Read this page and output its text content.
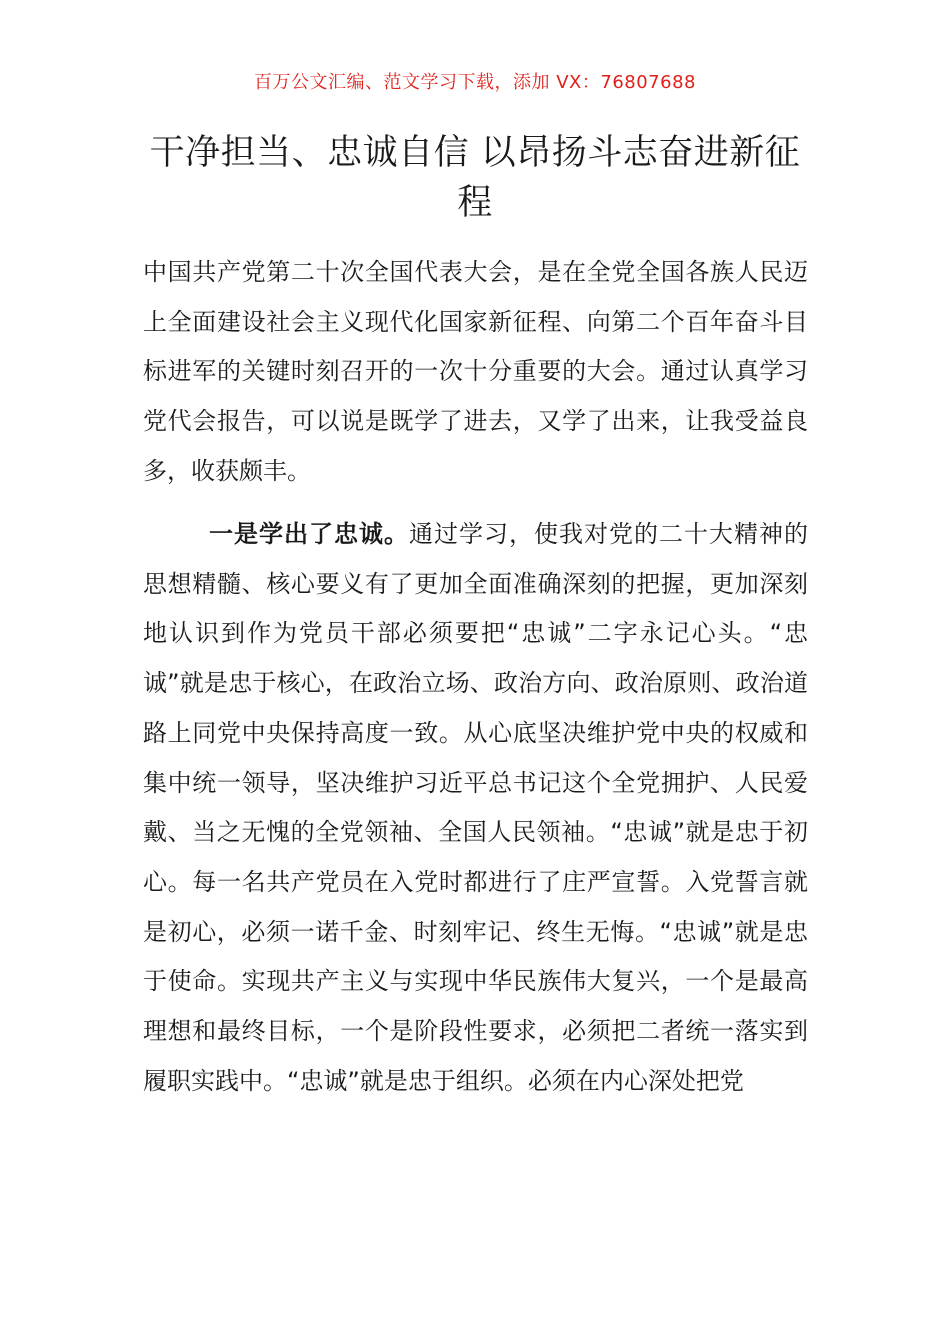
百万公文汇编、范文学习下载，添加 VX：76807688
干净担当、忠诚自信 以昂扬斗志奋进新征程

中国共产党第二十次全国代表大会，是在全党全国各族人民迈上全面建设社会主义现代化国家新征程、向第二个百年奋斗目标进军的关键时刻召开的一次十分重要的大会。通过认真学习党代会报告，可以说是既学了进去，又学了出来，让我受益良多，收获颇丰。

一是学出了忠诚。通过学习，使我对党的二十大精神的思想精髓、核心要义有了更加全面准确深刻的把握，更加深刻地认识到作为党员干部必须要把“忠诚”二字永记心头。“忠诚”就是忠于核心，在政治立场、政治方向、政治原则、政治道路上同党中央保持高度一致。从心底坚决维护党中央的权威和集中统一领导，坚决维护习近平总书记这个全党拥护、人民爱戴、当之无愧的全党领袖、全国人民领袖。“忠诚”就是忠于初心。每一名共产党员在入党时都进行了庄严宣誓。入党誓言就是初心，必须一诺千金、时刻牢记、终生无悔。“忠诚”就是忠于使命。实现共产主义与实现中华民族伟大复兴，一个是最高理想和最终目标，一个是阶段性要求，必须把二者统一落实到履职实践中。“忠诚”就是忠于组织。必须在内心深处把党
